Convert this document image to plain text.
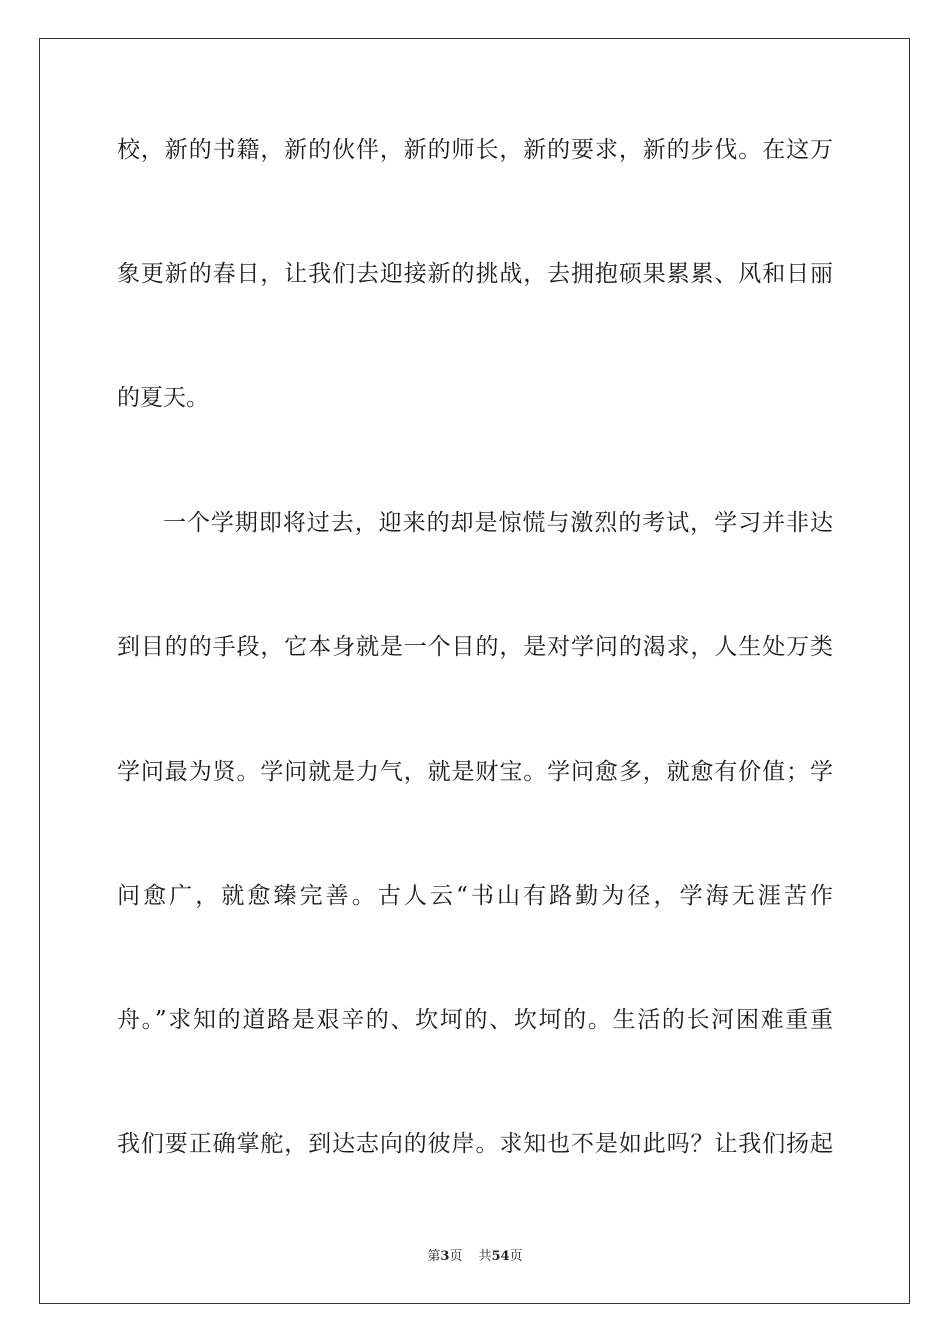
校，新的书籍，新的伙伴，新的师长，新的要求，新的步伐。在这万
象更新的春日，让我们去迎接新的挑战，去拥抱硕果累累、风和日丽
的夏天。
一个学期即将过去，迎来的却是惊慌与激烈的考试，学习并非达
到目的的手段，它本身就是一个目的，是对学问的渴求，人生处万类
学问最为贤。学问就是力气，就是财宝。学问愈多，就愈有价值；学
问愈广，就愈臻完善。古人云“书山有路勤为径，学海无涯苦作
舟。”求知的道路是艰辛的、坎坷的、坎坷的。生活的长河困难重重
我们要正确掌舵，到达志向的彼岸。求知也不是如此吗？让我们扬起
第3页 共54页
